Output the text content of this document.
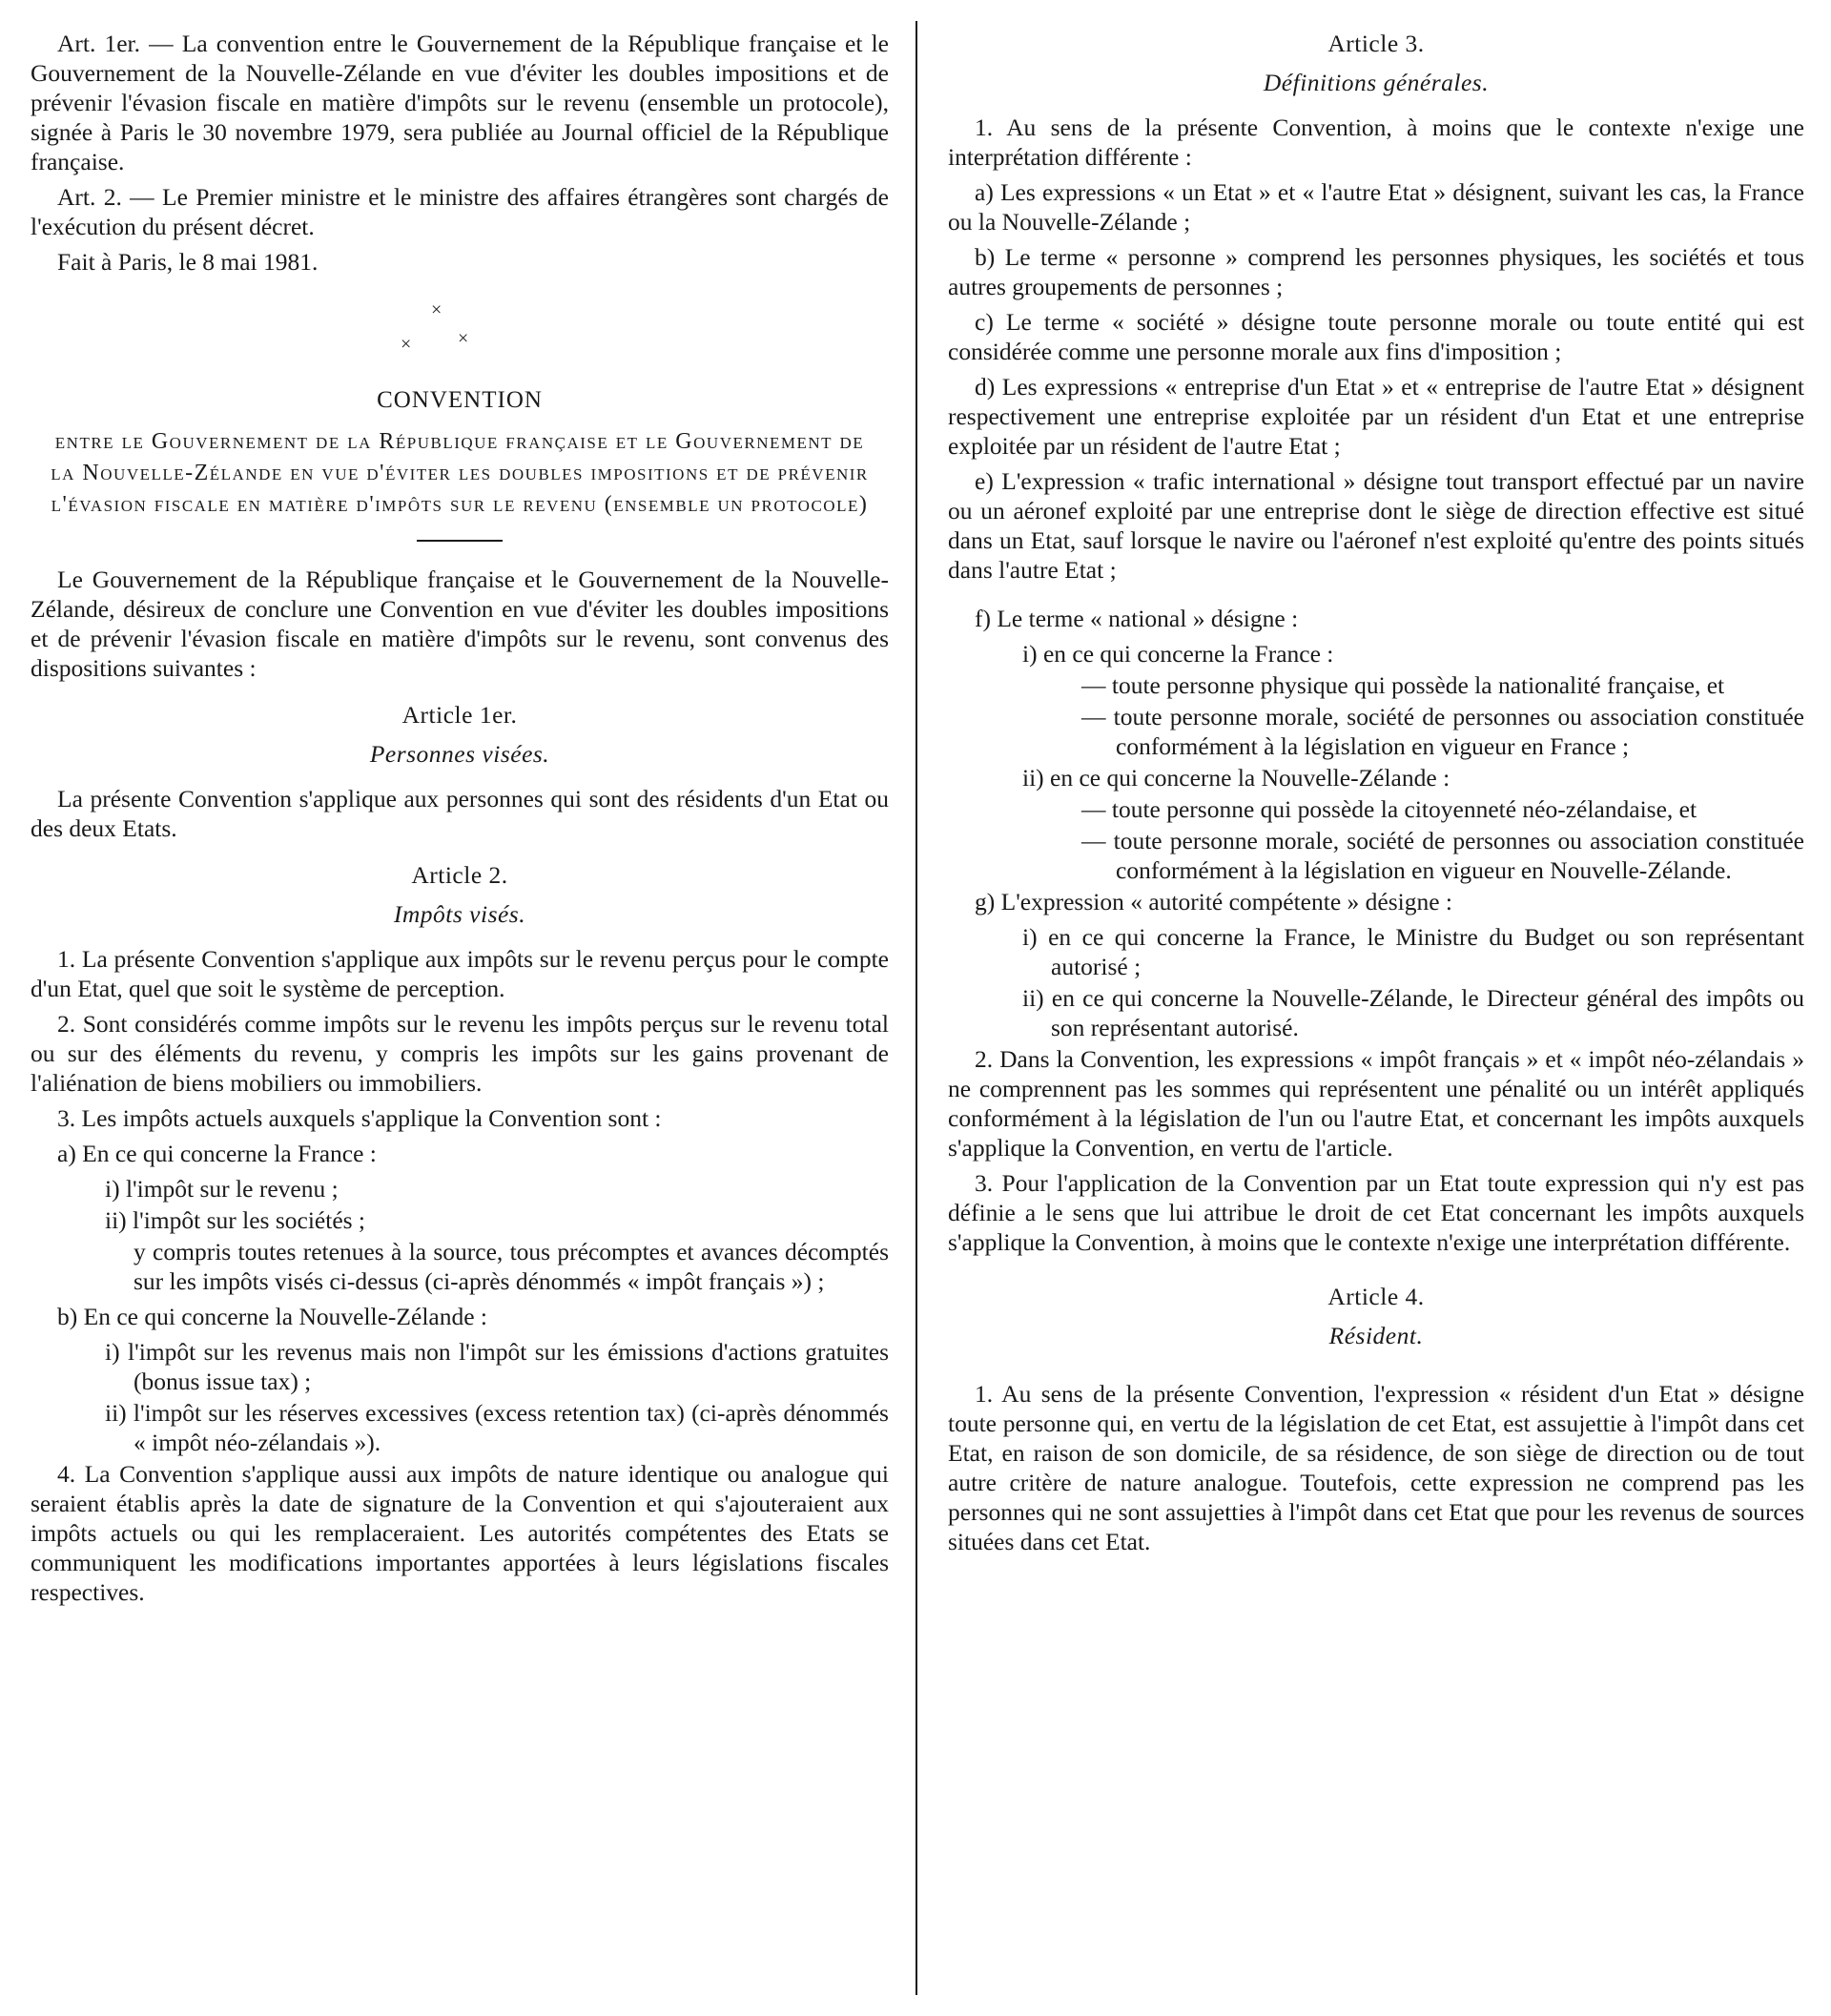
Art. 1er. — La convention entre le Gouvernement de la République française et le Gouvernement de la Nouvelle-Zélande en vue d'éviter les doubles impositions et de prévenir l'évasion fiscale en matière d'impôts sur le revenu (ensemble un protocole), signée à Paris le 30 novembre 1979, sera publiée au Journal officiel de la République française.

Art. 2. — Le Premier ministre et le ministre des affaires étrangères sont chargés de l'exécution du présent décret.

Fait à Paris, le 8 mai 1981.

×
× ×
CONVENTION
entre le Gouvernement de la République française et le Gouvernement de la Nouvelle-Zélande en vue d'éviter les doubles impositions et de prévenir l'évasion fiscale en matière d'impôts sur le revenu (ensemble un protocole)

Le Gouvernement de la République française et le Gouvernement de la Nouvelle-Zélande, désireux de conclure une Convention en vue d'éviter les doubles impositions et de prévenir l'évasion fiscale en matière d'impôts sur le revenu, sont convenus des dispositions suivantes :

Article 1er.
Personnes visées.

La présente Convention s'applique aux personnes qui sont des résidents d'un Etat ou des deux Etats.

Article 2.
Impôts visés.

1. La présente Convention s'applique aux impôts sur le revenu perçus pour le compte d'un Etat, quel que soit le système de perception.

2. Sont considérés comme impôts sur le revenu les impôts perçus sur le revenu total ou sur des éléments du revenu, y compris les impôts sur les gains provenant de l'aliénation de biens mobiliers ou immobiliers.

3. Les impôts actuels auxquels s'applique la Convention sont :

a) En ce qui concerne la France :

i) l'impôt sur le revenu ;

ii) l'impôt sur les sociétés ;

y compris toutes retenues à la source, tous précomptes et avances décomptés sur les impôts visés ci-dessus (ci-après dénommés « impôt français ») ;

b) En ce qui concerne la Nouvelle-Zélande :

i) l'impôt sur les revenus mais non l'impôt sur les émissions d'actions gratuites (bonus issue tax) ;

ii) l'impôt sur les réserves excessives (excess retention tax) (ci-après dénommés « impôt néo-zélandais »).

4. La Convention s'applique aussi aux impôts de nature identique ou analogue qui seraient établis après la date de signature de la Convention et qui s'ajouteraient aux impôts actuels ou qui les remplaceraient. Les autorités compétentes des Etats se communiquent les modifications importantes apportées à leurs législations fiscales respectives.

Article 3.
Définitions générales.

1. Au sens de la présente Convention, à moins que le contexte n'exige une interprétation différente :

a) Les expressions « un Etat » et « l'autre Etat » désignent, suivant les cas, la France ou la Nouvelle-Zélande ;

b) Le terme « personne » comprend les personnes physiques, les sociétés et tous autres groupements de personnes ;

c) Le terme « société » désigne toute personne morale ou toute entité qui est considérée comme une personne morale aux fins d'imposition ;

d) Les expressions « entreprise d'un Etat » et « entreprise de l'autre Etat » désignent respectivement une entreprise exploitée par un résident d'un Etat et une entreprise exploitée par un résident de l'autre Etat ;

e) L'expression « trafic international » désigne tout transport effectué par un navire ou un aéronef exploité par une entreprise dont le siège de direction effective est situé dans un Etat, sauf lorsque le navire ou l'aéronef n'est exploité qu'entre des points situés dans l'autre Etat ;

f) Le terme « national » désigne :

i) en ce qui concerne la France :

— toute personne physique qui possède la nationalité française, et

— toute personne morale, société de personnes ou association constituée conformément à la législation en vigueur en France ;

ii) en ce qui concerne la Nouvelle-Zélande :

— toute personne qui possède la citoyenneté néo-zélandaise, et

— toute personne morale, société de personnes ou association constituée conformément à la législation en vigueur en Nouvelle-Zélande.

g) L'expression « autorité compétente » désigne :

i) en ce qui concerne la France, le Ministre du Budget ou son représentant autorisé ;

ii) en ce qui concerne la Nouvelle-Zélande, le Directeur général des impôts ou son représentant autorisé.

2. Dans la Convention, les expressions « impôt français » et « impôt néo-zélandais » ne comprennent pas les sommes qui représentent une pénalité ou un intérêt appliqués conformément à la législation de l'un ou l'autre Etat, et concernant les impôts auxquels s'applique la Convention, en vertu de l'article.

3. Pour l'application de la Convention par un Etat toute expression qui n'y est pas définie a le sens que lui attribue le droit de cet Etat concernant les impôts auxquels s'applique la Convention, à moins que le contexte n'exige une interprétation différente.

Article 4.
Résident.

1. Au sens de la présente Convention, l'expression « résident d'un Etat » désigne toute personne qui, en vertu de la législation de cet Etat, est assujettie à l'impôt dans cet Etat, en raison de son domicile, de sa résidence, de son siège de direction ou de tout autre critère de nature analogue. Toutefois, cette expression ne comprend pas les personnes qui ne sont assujetties à l'impôt dans cet Etat que pour les revenus de sources situées dans cet Etat.
